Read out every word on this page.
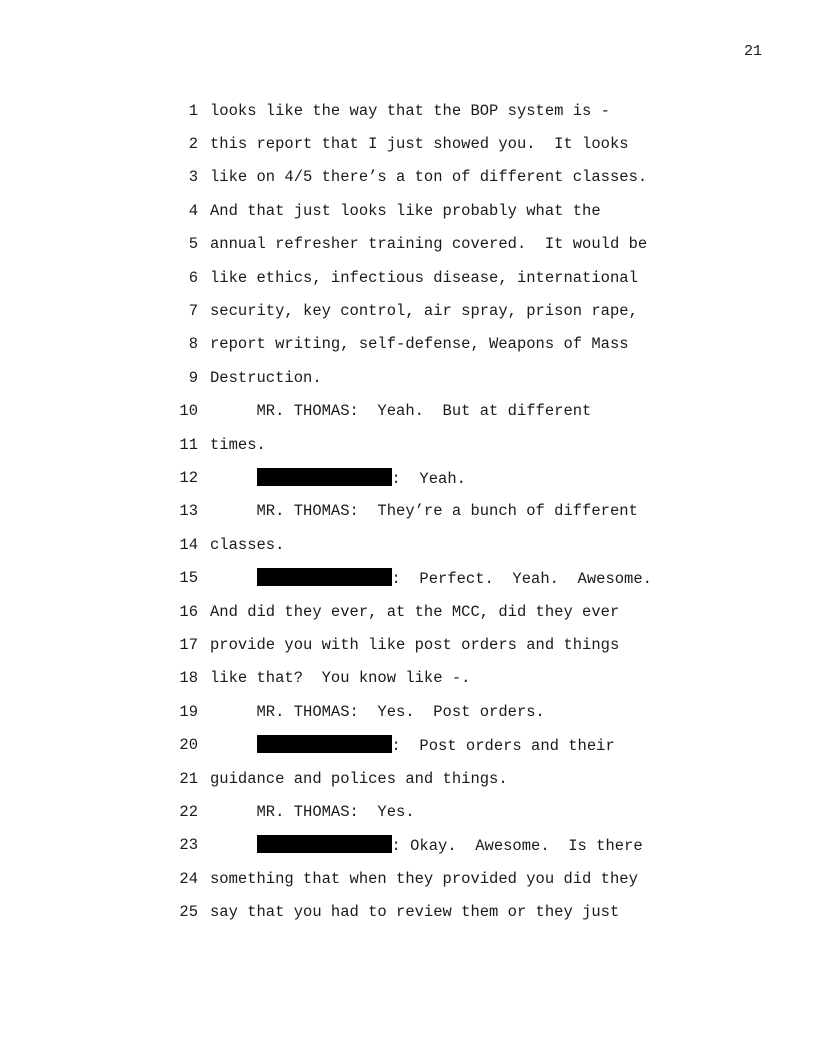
21
1 looks like the way that the BOP system is -
2 this report that I just showed you.  It looks
3 like on 4/5 there’s a ton of different classes.
4 And that just looks like probably what the
5 annual refresher training covered.  It would be
6 like ethics, infectious disease, international
7 security, key control, air spray, prison rape,
8 report writing, self-defense, Weapons of Mass
9 Destruction.
10 MR. THOMAS:  Yeah.  But at different
11 times.
12	:  Yeah.
13 MR. THOMAS:  They’re a bunch of different
14 classes.
15	:  Perfect.  Yeah.  Awesome.
16 And did they ever, at the MCC, did they ever
17 provide you with like post orders and things
18 like that?  You know like -.
19 MR. THOMAS:  Yes.  Post orders.
20	:  Post orders and their
21 guidance and polices and things.
22 MR. THOMAS:  Yes.
23	: Okay.  Awesome.  Is there
24 something that when they provided you did they
25 say that you had to review them or they just
